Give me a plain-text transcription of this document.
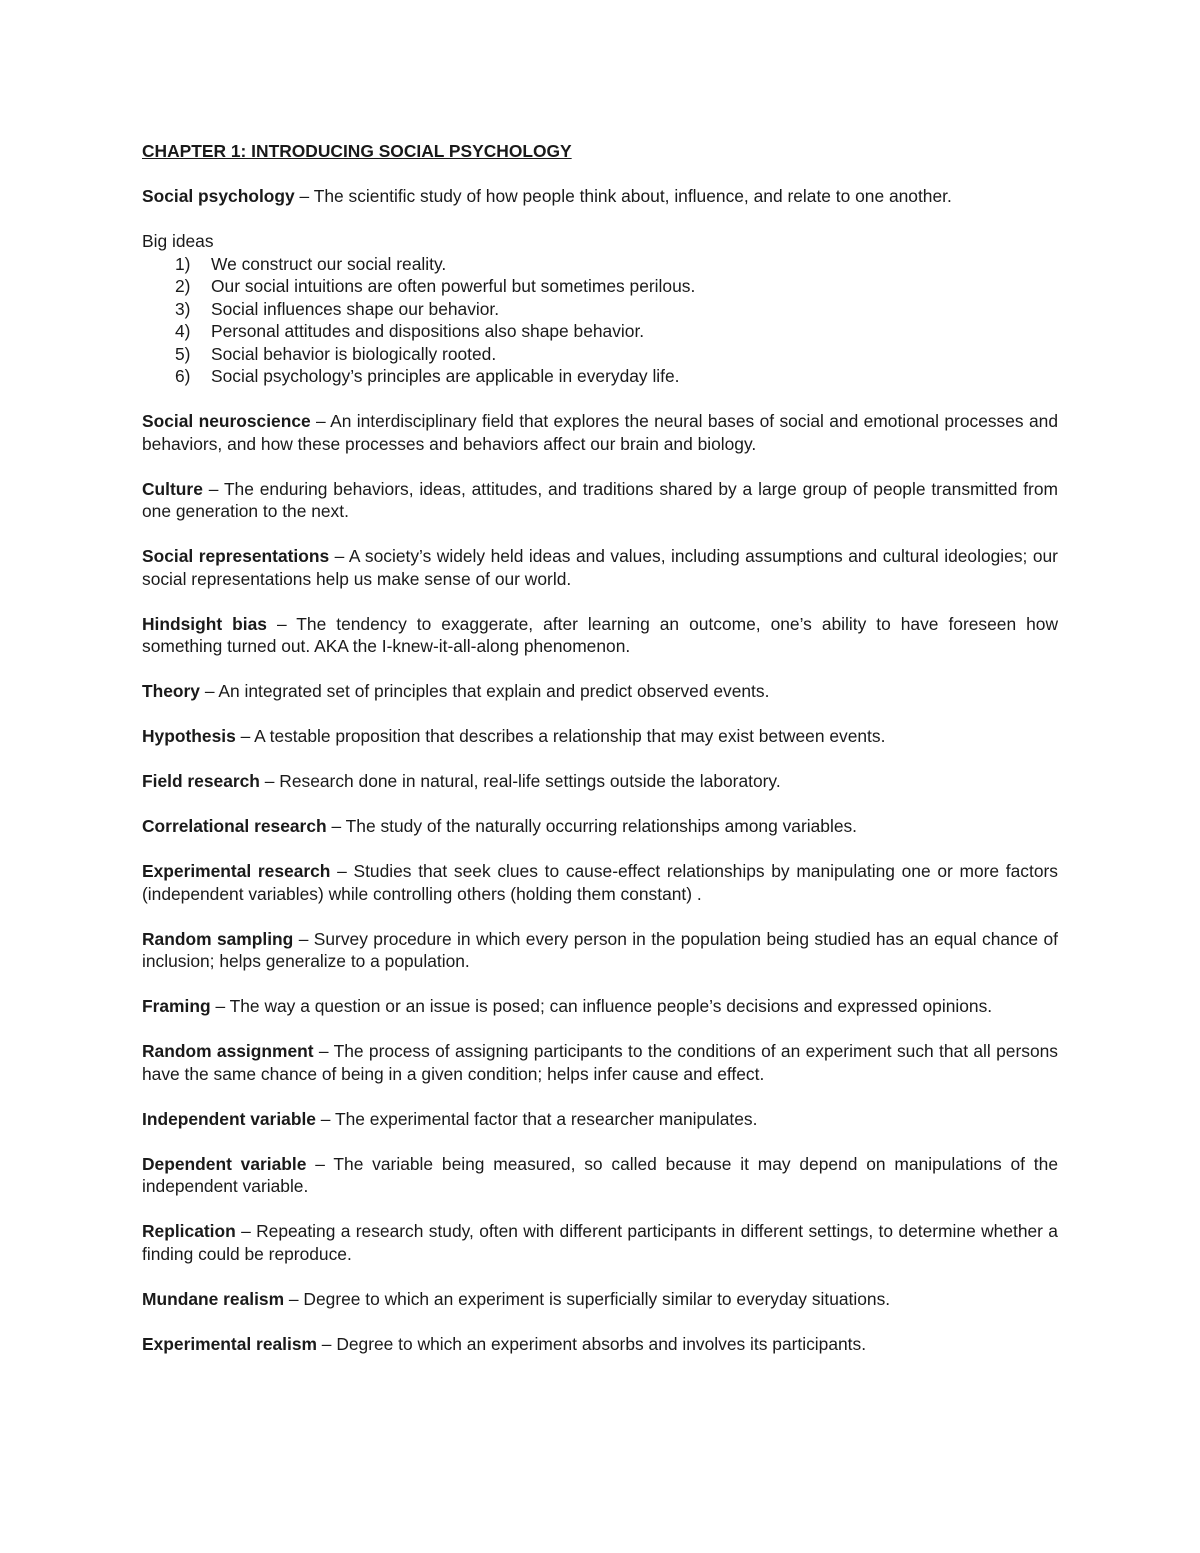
CHAPTER 1: INTRODUCING SOCIAL PSYCHOLOGY

Social psychology – The scientific study of how people think about, influence, and relate to one another.

Big ideas

1)	We construct our social reality.
2)	Our social intuitions are often powerful but sometimes perilous.
3)	Social influences shape our behavior.
4)	Personal attitudes and dispositions also shape behavior.
5)	Social behavior is biologically rooted.
6)	Social psychology’s principles are applicable in everyday life.

Social neuroscience – An interdisciplinary field that explores the neural bases of social and emotional processes and behaviors, and how these processes and behaviors affect our brain and biology.

Culture – The enduring behaviors, ideas, attitudes, and traditions shared by a large group of people transmitted from one generation to the next.

Social representations – A society’s widely held ideas and values, including assumptions and cultural ideologies; our social representations help us make sense of our world.

Hindsight bias – The tendency to exaggerate, after learning an outcome, one’s ability to have foreseen how something turned out. AKA the I-knew-it-all-along phenomenon.

Theory – An integrated set of principles that explain and predict observed events.

Hypothesis – A testable proposition that describes a relationship that may exist between events.

Field research – Research done in natural, real-life settings outside the laboratory.

Correlational research – The study of the naturally occurring relationships among variables.

Experimental research – Studies that seek clues to cause-effect relationships by manipulating one or more factors (independent variables) while controlling others (holding them constant) .

Random sampling – Survey procedure in which every person in the population being studied has an equal chance of inclusion; helps generalize to a population.

Framing – The way a question or an issue is posed; can influence people’s decisions and expressed opinions.

Random assignment – The process of assigning participants to the conditions of an experiment such that all persons have the same chance of being in a given condition; helps infer cause and effect.

Independent variable – The experimental factor that a researcher manipulates.

Dependent variable – The variable being measured, so called because it may depend on manipulations of the independent variable.

Replication – Repeating a research study, often with different participants in different settings, to determine whether a finding could be reproduce.

Mundane realism – Degree to which an experiment is superficially similar to everyday situations.

Experimental realism – Degree to which an experiment absorbs and involves its participants.
